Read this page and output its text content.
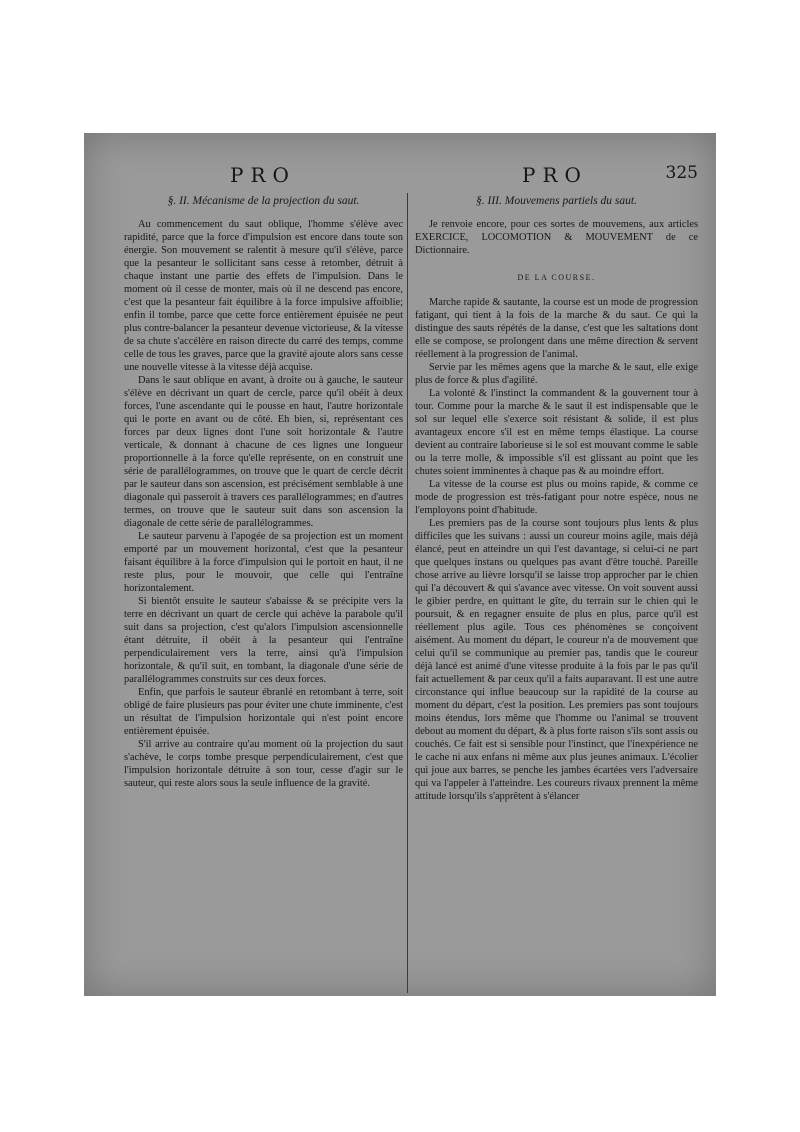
PRO	PRO	325
§. II. Mécanisme de la projection du saut.

Au commencement du saut oblique, l'homme s'élève avec rapidité, parce que la force d'impulsion est encore dans toute son énergie. Son mouvement se ralentit à mesure qu'il s'élève, parce que la pesanteur le sollicitant sans cesse à retomber, détruit à chaque instant une partie des effets de l'impulsion. Dans le moment où il cesse de monter, mais où il ne descend pas encore, c'est que la pesanteur fait équilibre à la force impulsive affoiblie; enfin il tombe, parce que cette force entièrement épuisée ne peut plus contre-balancer la pesanteur devenue victorieuse, & la vitesse de sa chute s'accélère en raison directe du carré des temps, comme celle de tous les graves, parce que la gravité ajoute alors sans cesse une nouvelle vitesse à la vitesse déjà acquise.

Dans le saut oblique en avant, à droite ou à gauche, le sauteur s'élève en décrivant un quart de cercle, parce qu'il obéit à deux forces, l'une ascendante qui le pousse en haut, l'autre horizontale qui le porte en avant ou de côté. Eh bien, si, représentant ces forces par deux lignes dont l'une soit horizontale & l'autre verticale, & donnant à chacune de ces lignes une longueur proportionnelle à la force qu'elle représente, on en construit une série de parallélogrammes, on trouve que le quart de cercle décrit par le sauteur dans son ascension, est précisément semblable à une diagonale qui passeroit à travers ces parallélogrammes; en d'autres termes, on trouve que le sauteur suit dans son ascension la diagonale de cette série de parallélogrammes.

Le sauteur parvenu à l'apogée de sa projection est un moment emporté par un mouvement horizontal, c'est que la pesanteur faisant équilibre à la force d'impulsion qui le portoit en haut, il ne reste plus, pour le mouvoir, que celle qui l'entraîne horizontalement.

Si bientôt ensuite le sauteur s'abaisse & se précipite vers la terre en décrivant un quart de cercle qui achève la parabole qu'il suit dans sa projection, c'est qu'alors l'impulsion ascensionnelle étant détruite, il obéit à la pesanteur qui l'entraîne perpendiculairement vers la terre, ainsi qu'à l'impulsion horizontale, & qu'il suit, en tombant, la diagonale d'une série de parallélogrammes construits sur ces deux forces.

Enfin, que parfois le sauteur ébranlé en retombant à terre, soit obligé de faire plusieurs pas pour éviter une chute imminente, c'est un résultat de l'impulsion horizontale qui n'est point encore entièrement épuisée.

S'il arrive au contraire qu'au moment où la projection du saut s'achève, le corps tombe presque perpendiculairement, c'est que l'impulsion horizontale détruite à son tour, cesse d'agir sur le sauteur, qui reste alors sous la seule influence de la gravité.

§. III. Mouvemens partiels du saut.

Je renvoie encore, pour ces sortes de mouvemens, aux articles EXERCICE, LOCOMOTION & MOUVEMENT de ce Dictionnaire.

DE LA COURSE.

Marche rapide & sautante, la course est un mode de progression fatigant, qui tient à la fois de la marche & du saut. Ce qui la distingue des sauts répétés de la danse, c'est que les saltations dont elle se compose, se prolongent dans une même direction & servent réellement à la progression de l'animal.

Servie par les mêmes agens que la marche & le saut, elle exige plus de force & plus d'agilité.

La volonté & l'instinct la commandent & la gouvernent tour à tour. Comme pour la marche & le saut il est indispensable que le sol sur lequel elle s'exerce soit résistant & solide, il est plus avantageux encore s'il est en même temps élastique. La course devient au contraire laborieuse si le sol est mouvant comme le sable ou la terre molle, & impossible s'il est glissant au point que les chutes soient imminentes à chaque pas & au moindre effort.

La vitesse de la course est plus ou moins rapide, & comme ce mode de progression est très-fatigant pour notre espèce, nous ne l'employons point d'habitude.

Les premiers pas de la course sont toujours plus lents & plus difficiles que les suivans : aussi un coureur moins agile, mais déjà élancé, peut en atteindre un qui l'est davantage, si celui-ci ne part que quelques instans ou quelques pas avant d'être touché. Pareille chose arrive au lièvre lorsqu'il se laisse trop approcher par le chien qui l'a découvert & qui s'avance avec vitesse. On voit souvent aussi le gibier perdre, en quittant le gîte, du terrain sur le chien qui le poursuit, & en regagner ensuite de plus en plus, parce qu'il est réellement plus agile. Tous ces phénomènes se conçoivent aisément. Au moment du départ, le coureur n'a de mouvement que celui qu'il se communique au premier pas, tandis que le coureur déjà lancé est animé d'une vitesse produite à la fois par le pas qu'il fait actuellement & par ceux qu'il a faits auparavant. Il est une autre circonstance qui influe beaucoup sur la rapidité de la course au moment du départ, c'est la position. Les premiers pas sont toujours moins étendus, lors même que l'homme ou l'animal se trouvent debout au moment du départ, & à plus forte raison s'ils sont assis ou couchés. Ce fait est si sensible pour l'instinct, que l'inexpérience ne le cache ni aux enfans ni même aux plus jeunes animaux. L'écolier qui joue aux barres, se penche les jambes écartées vers l'adversaire qui va l'appeler à l'atteindre. Les coureurs rivaux prennent la même attitude lorsqu'ils s'apprêtent à s'élancer
